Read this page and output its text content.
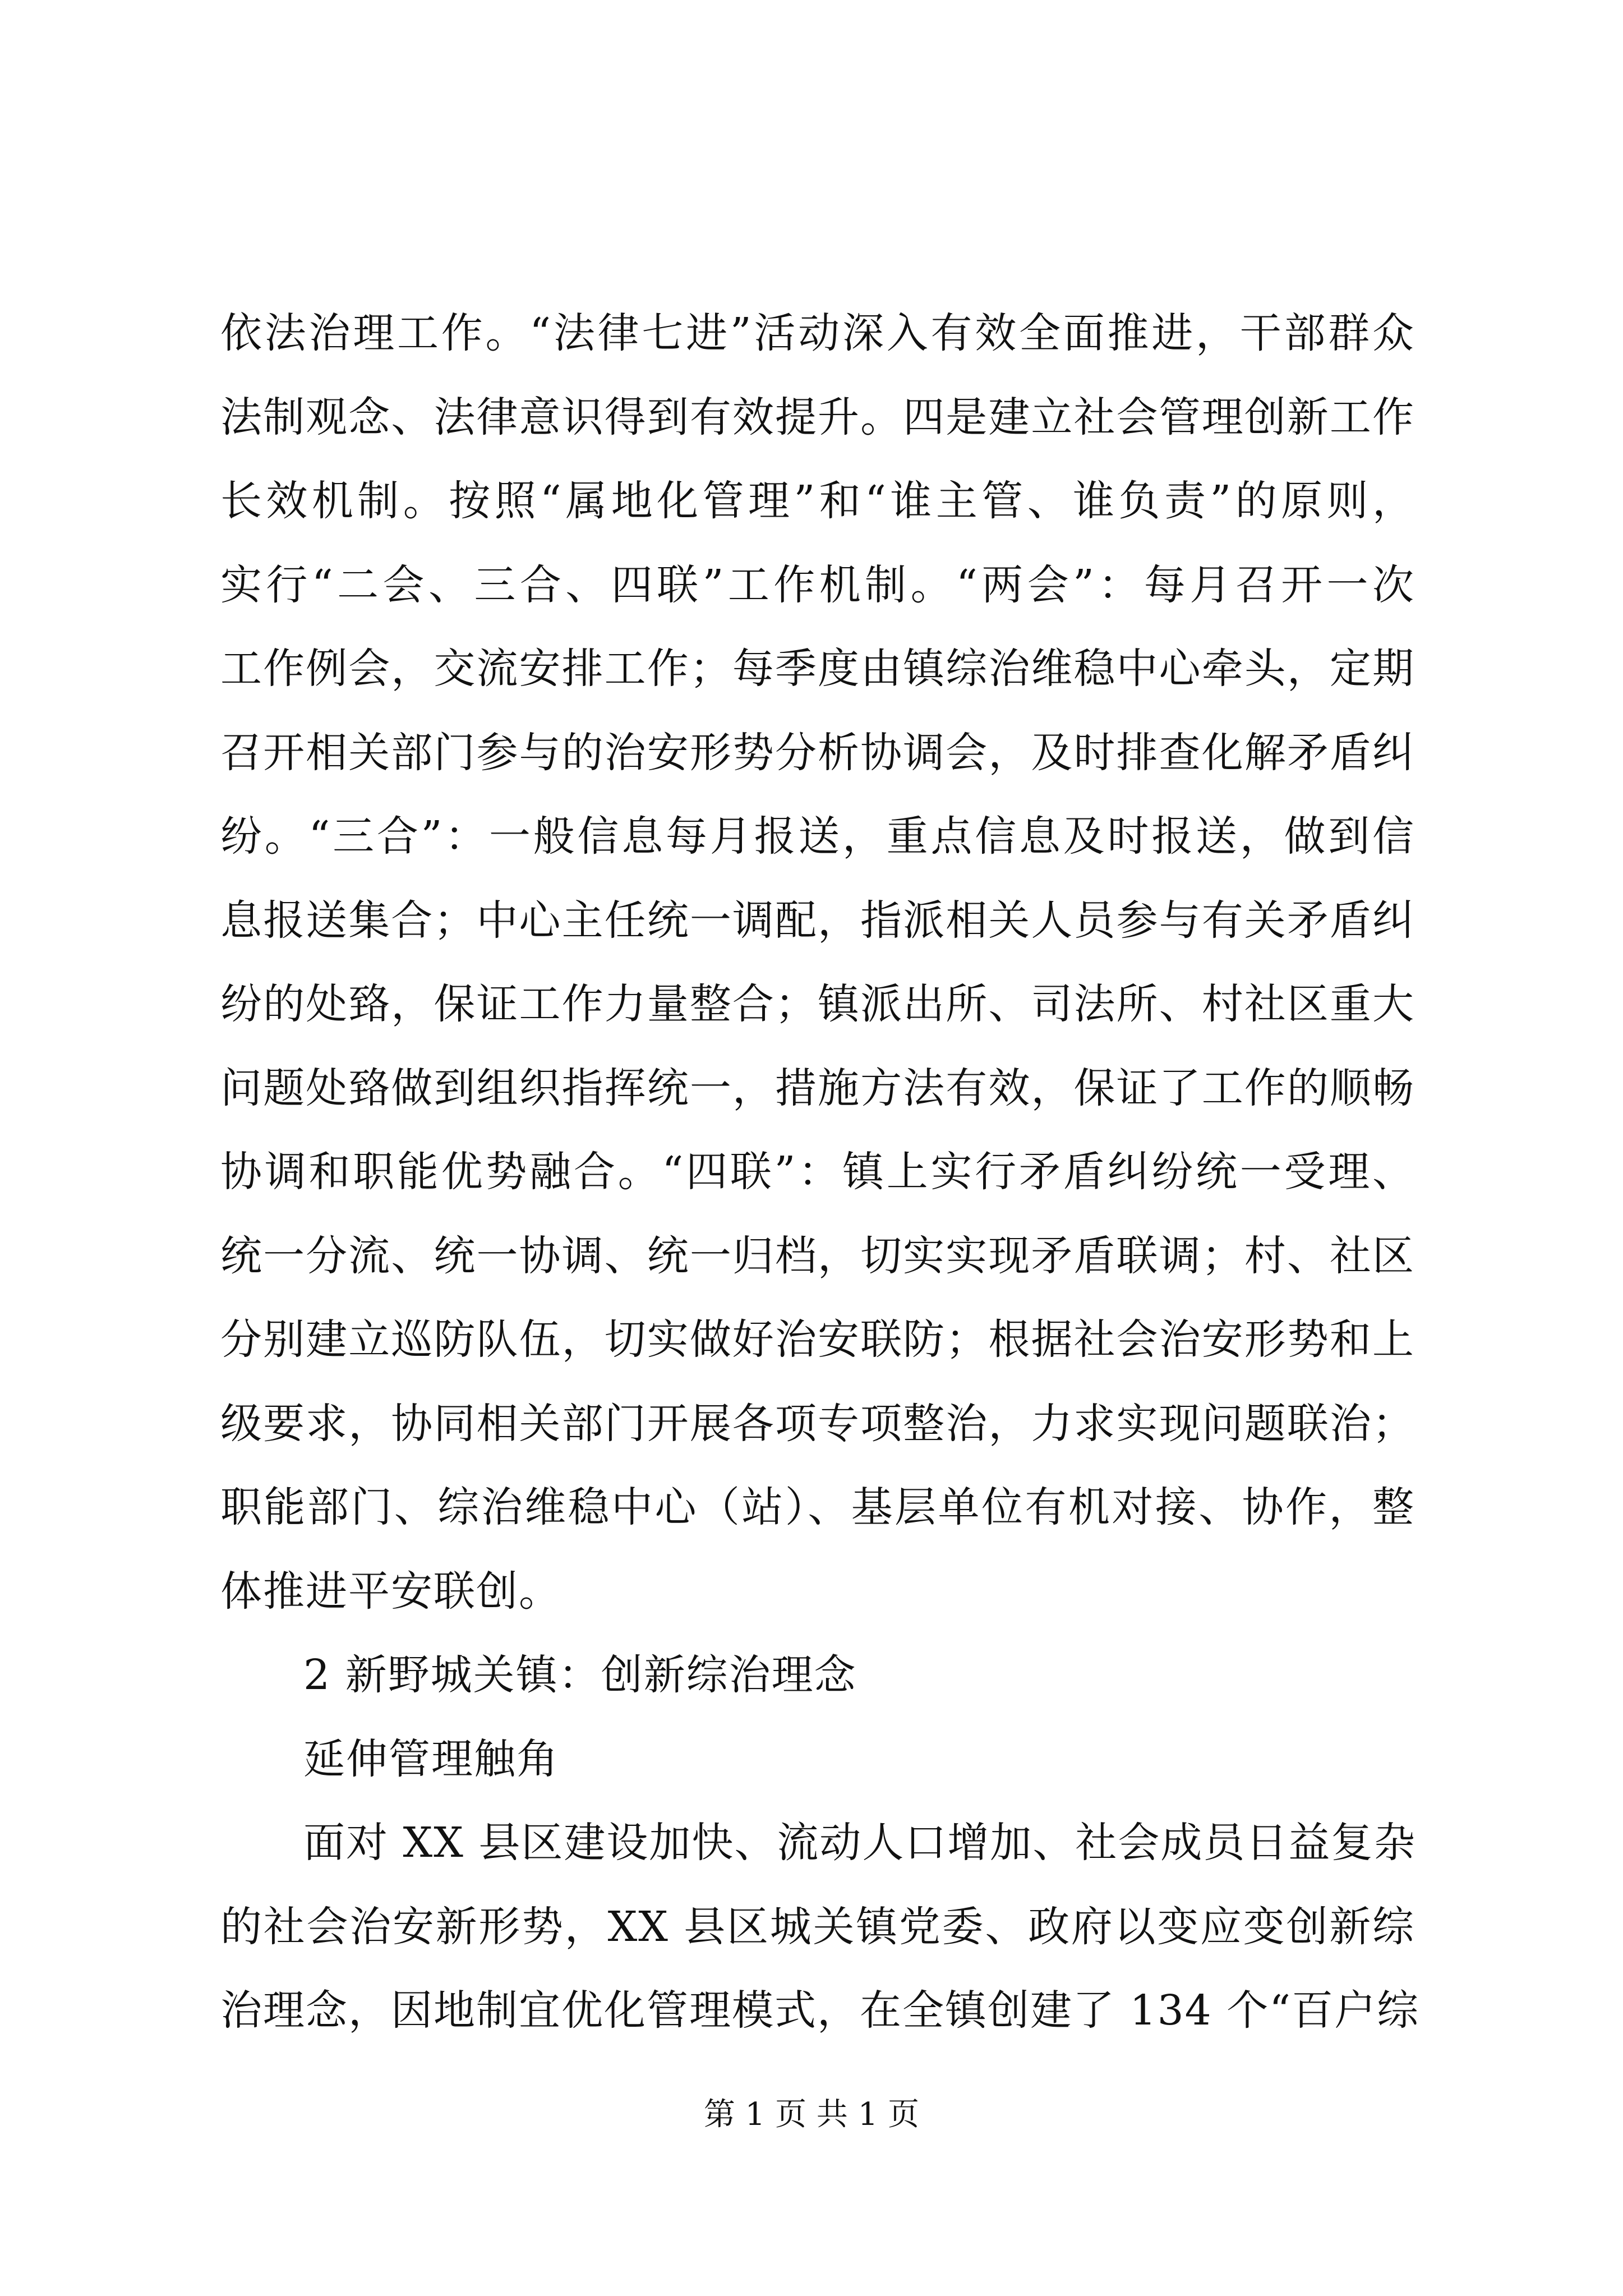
依法治理工作。“法律七进”活动深入有效全面推进，干部群众
法制观念、法律意识得到有效提升。四是建立社会管理创新工作
长效机制。按照“属地化管理”和“谁主管、谁负责”的原则，
实行“二会、三合、四联”工作机制。“两会”：每月召开一次
工作例会，交流安排工作；每季度由镇综治维稳中心牵头，定期
召开相关部门参与的治安形势分析协调会，及时排查化解矛盾纠
纷。“三合”：一般信息每月报送，重点信息及时报送，做到信
息报送集合；中心主任统一调配，指派相关人员参与有关矛盾纠
纷的处臵，保证工作力量整合；镇派出所、司法所、村社区重大
问题处臵做到组织指挥统一，措施方法有效，保证了工作的顺畅
协调和职能优势融合。“四联”：镇上实行矛盾纠纷统一受理、
统一分流、统一协调、统一归档，切实实现矛盾联调；村、社区
分别建立巡防队伍，切实做好治安联防；根据社会治安形势和上
级要求，协同相关部门开展各项专项整治，力求实现问题联治；
职能部门、综治维稳中心（站）、基层单位有机对接、协作，整
体推进平安联创。
2 新野城关镇：创新综治理念
延伸管理触角
面对 XX 县区建设加快、流动人口增加、社会成员日益复杂
的社会治安新形势，XX 县区城关镇党委、政府以变应变创新综
治理念，因地制宜优化管理模式，在全镇创建了 134 个“百户综
第 1 页 共 1 页
